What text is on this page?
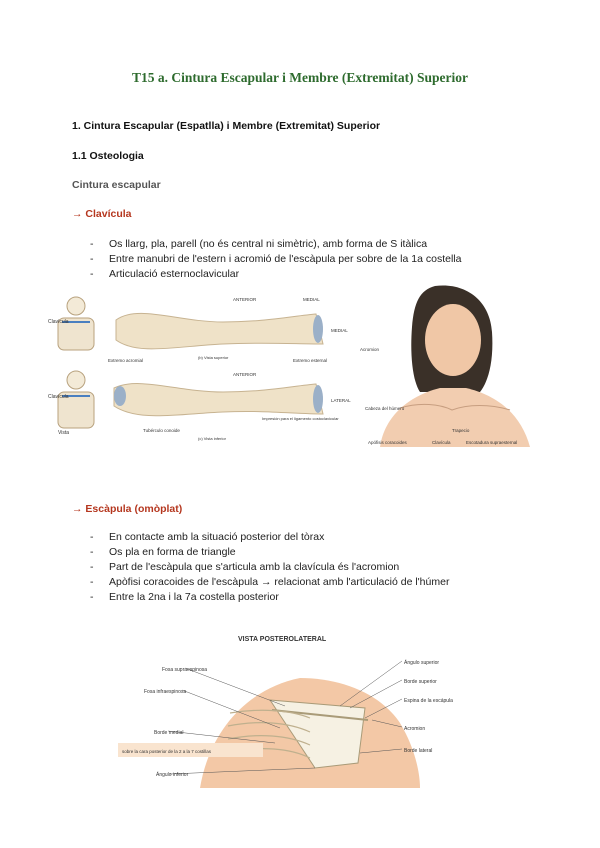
T15 a. Cintura Escapular i Membre (Extremitat) Superior
1. Cintura Escapular (Espatlla) i Membre (Extremitat) Superior
1.1 Osteologia
Cintura escapular
→ Clavícula
- Os llarg, pla, parell (no és central ni simètric), amb forma de S itàlica
- Entre manubri de l'estern i acromió de l'escàpula per sobre de la 1a costella
- Articulació esternoclavicular
Clavícula
Clavícula
Vista
ANTERIOR	MEDIAL
MEDIAL
(b) Vista superior
Extremo acromial	Extremo esternal
ANTERIOR
LATERAL
Impresión para el ligamento costoclavicular
Tubérculo conoide
(c) Vista inferior
Acromion
Cabeza del húmero
Apófisis coracoides	Clavícula
Trapecio
Escotadura supraesternal
→ Escàpula (omòplat)
- En contacte amb la situació posterior del tòrax
- Os pla en forma de triangle
- Part de l'escàpula que s'articula amb la clavícula és l'acromion
- Apòfisi coracoides de l'escàpula → relacionat amb l'articulació de l'húmer
- Entre la 2na i la 7a costella posterior
VISTA POSTEROLATERAL
Fosa supraespinosa
Fosa infraespinosa
Borde medial
sobre la cara posterior de la 2 a la 7 costillas
Ángulo inferior
Ángulo superior
Borde superior
Espina de la escápula
Acromion
Borde lateral
